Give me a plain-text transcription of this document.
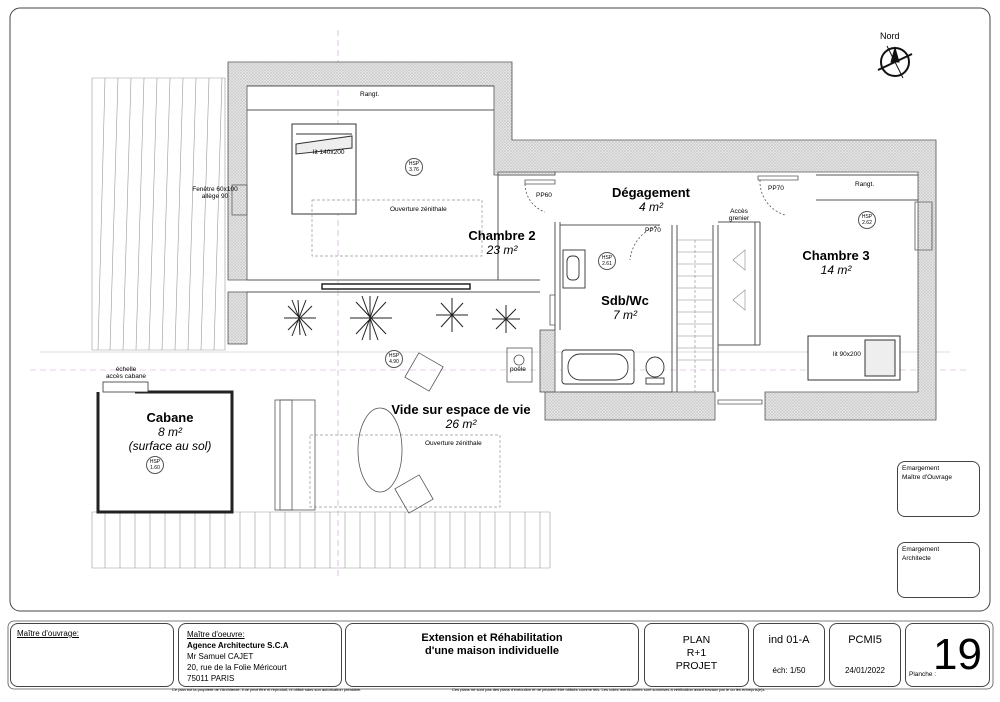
Nord
Chambre 2
23 m²
Dégagement
4 m²
Chambre 3
14 m²
Sdb/Wc
7 m²
Vide sur espace de vie
26 m²
Cabane
8 m²
(surface au sol)
HSP
3.76
HSP
2.62
HSP
2.61
HSP
4.90
HSP
1.60
Rangt.
Rangt.
lit 140x200
lit 90x200
Fenêtre 60x100
allège 90
Ouverture zénithale
Ouverture zénithale
PP60
PP70
PP70
Accès
grenier
échelle
accès cabane
poêle
Emargement
Maître d'Ouvrage
Emargement
Architecte
Maître d'ouvrage:	Maître d'oeuvre:
Agence Architecture S.C.A
Mr Samuel CAJET
20, rue de la Folie Méricourt
75011 PARIS
Extension et Réhabilitation
d'une maison individuelle
PLAN
R+1
PROJET
ind 01-A
éch: 1/50
PCMI5
24/01/2022	Planche :
19
Ce plan est la propriété de l'Architecte; il ne peut être ni reproduit, ni utilisé sans son autorisation préalable.	Ces plans ne sont pas des plans d'exécution et ne peuvent être utilisés comme tels. Les cotes mentionnées sont soumises à vérification avant travaux par le ou les entrepris(e)s
